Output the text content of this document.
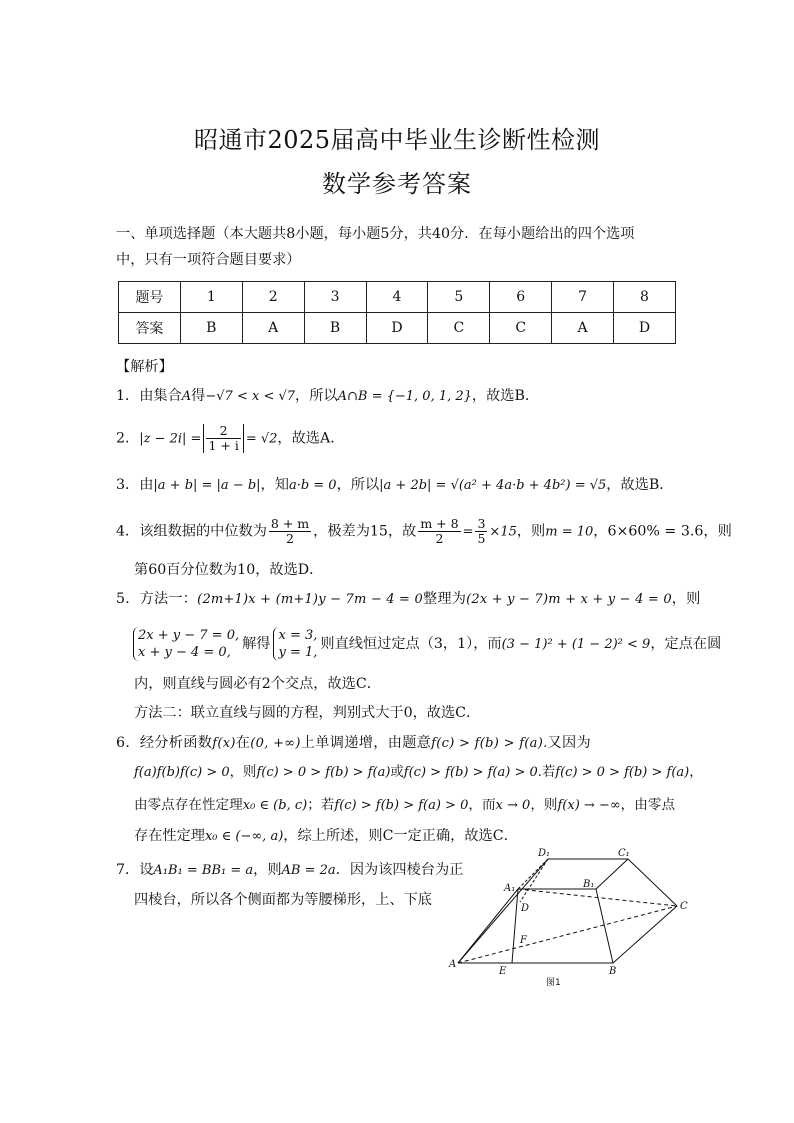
昭通市2025届高中毕业生诊断性检测
数学参考答案
一、单项选择题（本大题共8小题，每小题5分，共40分．在每小题给出的四个选项
中，只有一项符合题目要求）
题号	1	2	3	4	5	6	7	8
答案	B	A	B	D	C	C	A	D
【解析】
1．由集合A得−√7 < x < √7，所以A∩B = {−1, 0, 1, 2}，故选B．
2．$|z - 2i| = \frac{2}{1 + i} = √2$，故选A．
3．由|a + b| = |a − b|，知a·b = 0，所以|a + 2b| = √(a² + 4a·b + 4b²) = √5，故选B．
4．该组数据的中位数为 $\frac{8 + m}{2}$ ，极差为15，故 $\frac{m + 8}{2} = \frac{3}{5} \times 15$，则m = 10，6×60% = 3.6，则
第60百分位数为10，故选D．
5．方法一：(2m+1)x + (m+1)y − 7m − 4 = 0整理为(2x + y − 7)m + x + y − 4 = 0，则
2x + y − 7 = 0,
x + y − 4 = 0,解得x = 3,
y = 1,则直线恒过定点（3，1），而(3 − 1)² + (1 − 2)² < 9，定点在圆
内，则直线与圆必有2个交点，故选C．
方法二：联立直线与圆的方程，判别式大于0，故选C．
6．经分析函数f(x)在(0, +∞)上单调递增，由题意f(c) > f(b) > f(a).又因为
f(a)f(b)f(c) > 0，则f(c) > 0 > f(b) > f(a)或f(c) > f(b) > f(a) > 0.若f(c) > 0 > f(b) > f(a)，
由零点存在性定理x₀ ∈ (b, c)；若f(c) > f(b) > f(a) > 0，而x → 0，则f(x) → −∞，由零点
存在性定理x₀ ∈ (−∞, a)，综上所述，则C一定正确，故选C．
7．设A₁B₁ = BB₁ = a，则AB = 2a．因为该四棱台为正
四棱台，所以各个侧面都为等腰梯形，上、下底
D₁	C₁
A₁	B₁
D
F
C
A
E	B
图1
